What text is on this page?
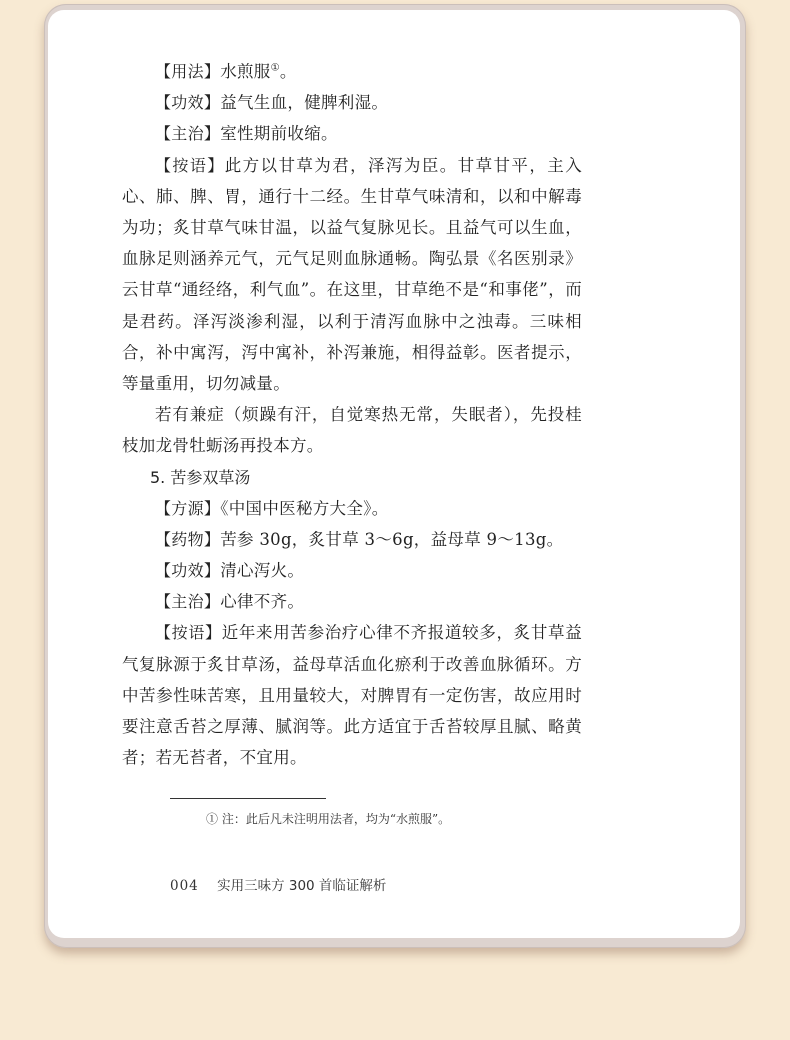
【用法】水煎服①。

【功效】益气生血，健脾利湿。

【主治】室性期前收缩。

【按语】此方以甘草为君，泽泻为臣。甘草甘平，主入心、肺、脾、胃，通行十二经。生甘草气味清和，以和中解毒为功；炙甘草气味甘温，以益气复脉见长。且益气可以生血，血脉足则涵养元气，元气足则血脉通畅。陶弘景《名医别录》云甘草“通经络，利气血”。在这里，甘草绝不是“和事佬”，而是君药。泽泻淡渗利湿，以利于清泻血脉中之浊毒。三味相合，补中寓泻，泻中寓补，补泻兼施，相得益彰。医者提示，等量重用，切勿减量。

若有兼症（烦躁有汗，自觉寒热无常，失眠者），先投桂枝加龙骨牡蛎汤再投本方。

5. 苦参双草汤

【方源】《中国中医秘方大全》。

【药物】苦参 30g，炙甘草 3～6g，益母草 9～13g。

【功效】清心泻火。

【主治】心律不齐。

【按语】近年来用苦参治疗心律不齐报道较多，炙甘草益气复脉源于炙甘草汤，益母草活血化瘀利于改善血脉循环。方中苦参性味苦寒，且用量较大，对脾胃有一定伤害，故应用时要注意舌苔之厚薄、腻润等。此方适宜于舌苔较厚且腻、略黄者；若无苔者，不宜用。

① 注：此后凡未注明用法者，均为“水煎服”。
004 实用三味方 300 首临证解析
